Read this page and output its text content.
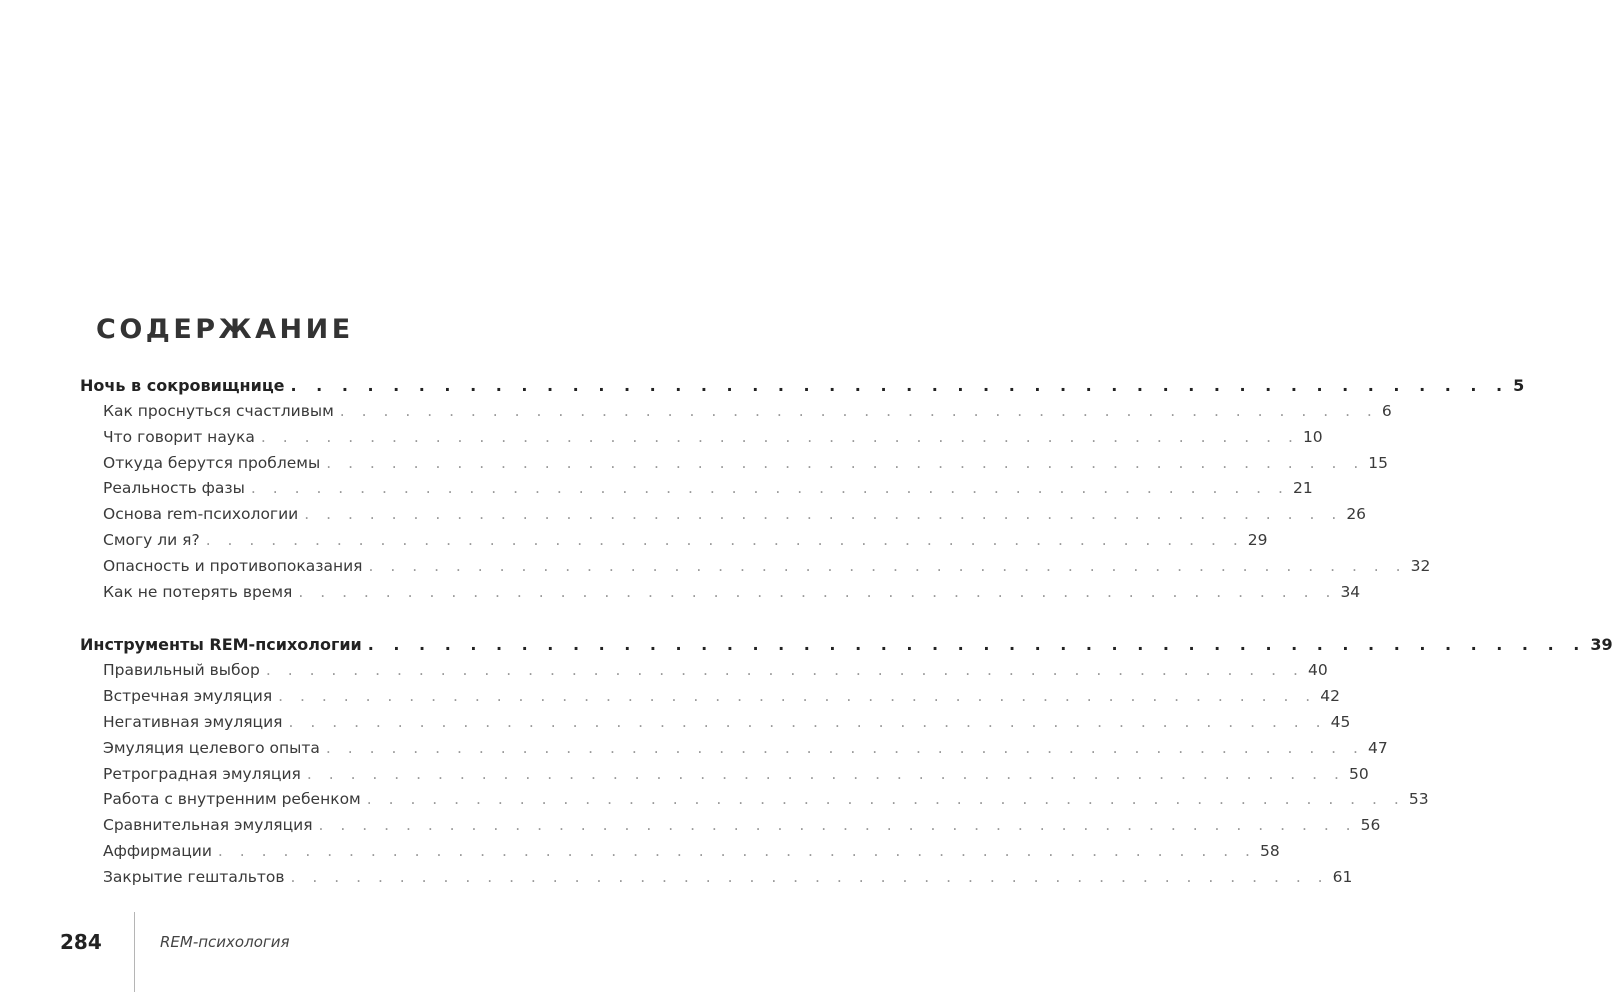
СОДЕРЖАНИЕ
Ночь в сокровищнице . . . . . . . . . . . . . . . . . . . . . . . . . . . . . . . . . . . . . . . . . . . . . . . . 5
Как проснуться счастливым . . . . . . . . . . . . . . . . . . . . . . . . . . . . . . . . . . . . . . . . . . . . . . . . 6
Что говорит наука . . . . . . . . . . . . . . . . . . . . . . . . . . . . . . . . . . . . . . . . . . . . . . . . 10
Откуда берутся проблемы . . . . . . . . . . . . . . . . . . . . . . . . . . . . . . . . . . . . . . . . . . . . . . . . 15
Реальность фазы . . . . . . . . . . . . . . . . . . . . . . . . . . . . . . . . . . . . . . . . . . . . . . . . 21
Основа rem-психологии . . . . . . . . . . . . . . . . . . . . . . . . . . . . . . . . . . . . . . . . . . . . . . . . 26
Смогу ли я? . . . . . . . . . . . . . . . . . . . . . . . . . . . . . . . . . . . . . . . . . . . . . . . . 29
Опасность и противопоказания . . . . . . . . . . . . . . . . . . . . . . . . . . . . . . . . . . . . . . . . . . . . . . . . 32
Как не потерять время . . . . . . . . . . . . . . . . . . . . . . . . . . . . . . . . . . . . . . . . . . . . . . . . 34
Инструменты REM-психологии . . . . . . . . . . . . . . . . . . . . . . . . . . . . . . . . . . . . . . . . . . . . . . . . 39
Правильный выбор . . . . . . . . . . . . . . . . . . . . . . . . . . . . . . . . . . . . . . . . . . . . . . . . 40
Встречная эмуляция . . . . . . . . . . . . . . . . . . . . . . . . . . . . . . . . . . . . . . . . . . . . . . . . 42
Негативная эмуляция . . . . . . . . . . . . . . . . . . . . . . . . . . . . . . . . . . . . . . . . . . . . . . . . 45
Эмуляция целевого опыта . . . . . . . . . . . . . . . . . . . . . . . . . . . . . . . . . . . . . . . . . . . . . . . . 47
Ретроградная эмуляция . . . . . . . . . . . . . . . . . . . . . . . . . . . . . . . . . . . . . . . . . . . . . . . . 50
Работа с внутренним ребенком . . . . . . . . . . . . . . . . . . . . . . . . . . . . . . . . . . . . . . . . . . . . . . . . 53
Сравнительная эмуляция . . . . . . . . . . . . . . . . . . . . . . . . . . . . . . . . . . . . . . . . . . . . . . . . 56
Аффирмации . . . . . . . . . . . . . . . . . . . . . . . . . . . . . . . . . . . . . . . . . . . . . . . . 58
Закрытие гештальтов . . . . . . . . . . . . . . . . . . . . . . . . . . . . . . . . . . . . . . . . . . . . . . . . 61
284	REM-психология
